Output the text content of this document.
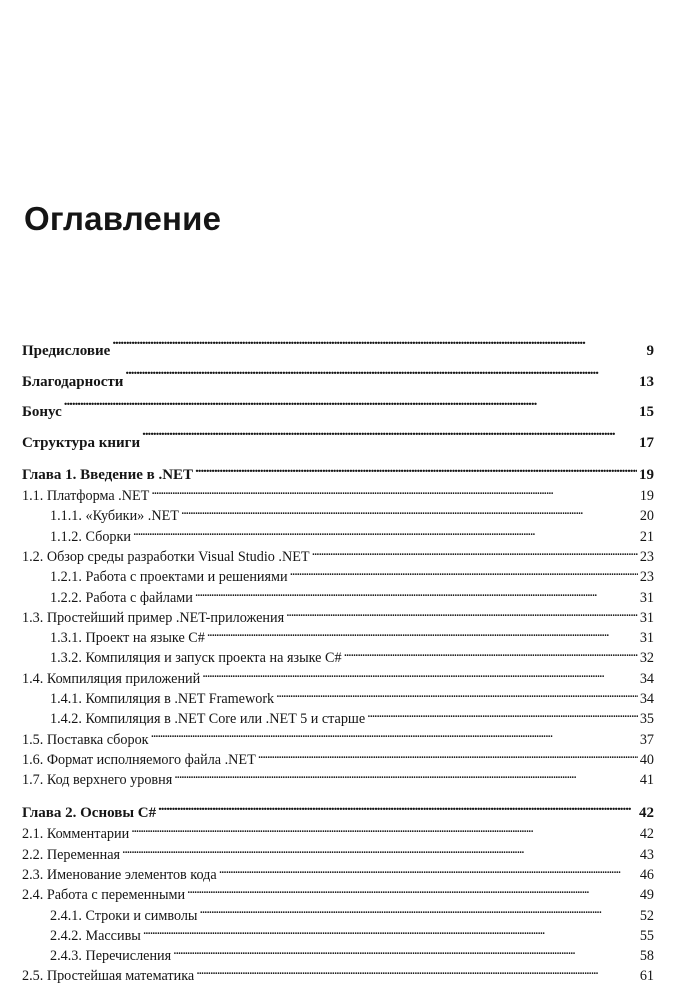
Оглавление
Предисловие . . .	9
Благодарности . . .	13
Бонус . . .	15
Структура книги . . .	17
Глава 1. Введение в .NET . . .	19
1.1. Платформа .NET . . .	19
1.1.1. «Кубики» .NET . . .	20
1.1.2. Сборки . . .	21
1.2. Обзор среды разработки Visual Studio .NET . . .	23
1.2.1. Работа с проектами и решениями . . .	23
1.2.2. Работа с файлами . . .	31
1.3. Простейший пример .NET-приложения . . .	31
1.3.1. Проект на языке C# . . .	31
1.3.2. Компиляция и запуск проекта на языке C# . . .	32
1.4. Компиляция приложений . . .	34
1.4.1. Компиляция в .NET Framework . . .	34
1.4.2. Компиляция в .NET Core или .NET 5 и старше . . .	35
1.5. Поставка сборок . . .	37
1.6. Формат исполняемого файла .NET . . .	40
1.7. Код верхнего уровня . . .	41
Глава 2. Основы C# . . .	42
2.1. Комментарии . . .	42
2.2. Переменная . . .	43
2.3. Именование элементов кода . . .	46
2.4. Работа с переменными . . .	49
2.4.1. Строки и символы . . .	52
2.4.2. Массивы . . .	55
2.4.3. Перечисления . . .	58
2.5. Простейшая математика . . .	61
